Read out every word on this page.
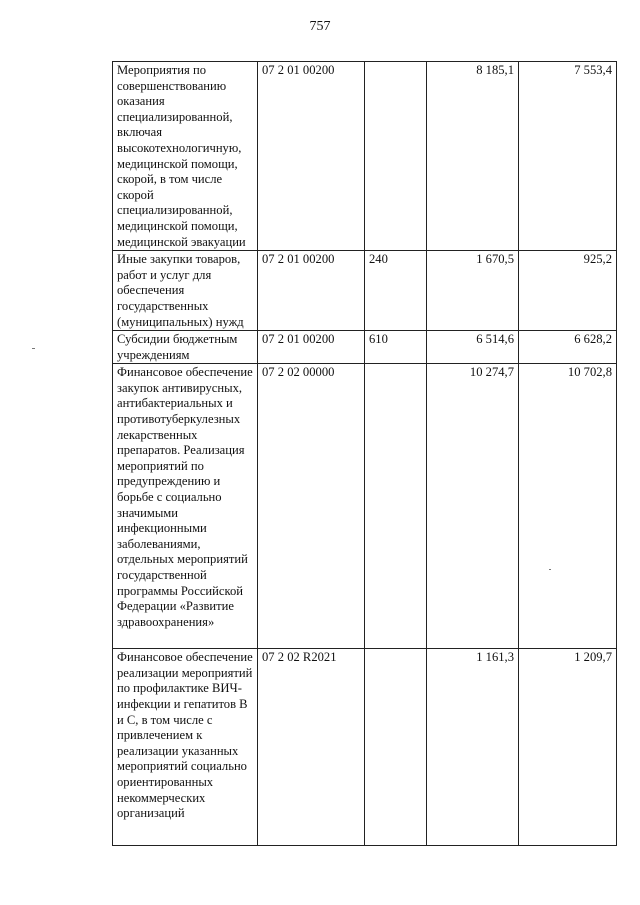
757
Мероприятия по совершенствованию оказания специализированной, включая высокотехнологичную, медицинской помощи, скорой, в том числе скорой специализированной, медицинской помощи, медицинской эвакуации	07 2 01 00200		8 185,1	7 553,4
Иные закупки товаров, работ и услуг для обеспечения государственных (муниципальных) нужд	07 2 01 00200	240	1 670,5	925,2
Субсидии бюджетным учреждениям	07 2 01 00200	610	6 514,6	6 628,2
Финансовое обеспечение закупок антивирусных, антибактериальных и противотуберкулезных лекарственных препаратов. Реализация мероприятий по предупреждению и борьбе с социально значимыми инфекционными заболеваниями, отдельных мероприятий государственной программы Российской Федерации «Развитие здравоохранения»	07 2 02 00000		10 274,7	10 702,8
Финансовое обеспечение реализации мероприятий по профилактике ВИЧ-инфекции и гепатитов В и С, в том числе с привлечением к реализации указанных мероприятий социально ориентированных некоммерческих организаций	07 2 02 R2021		1 161,3	1 209,7
